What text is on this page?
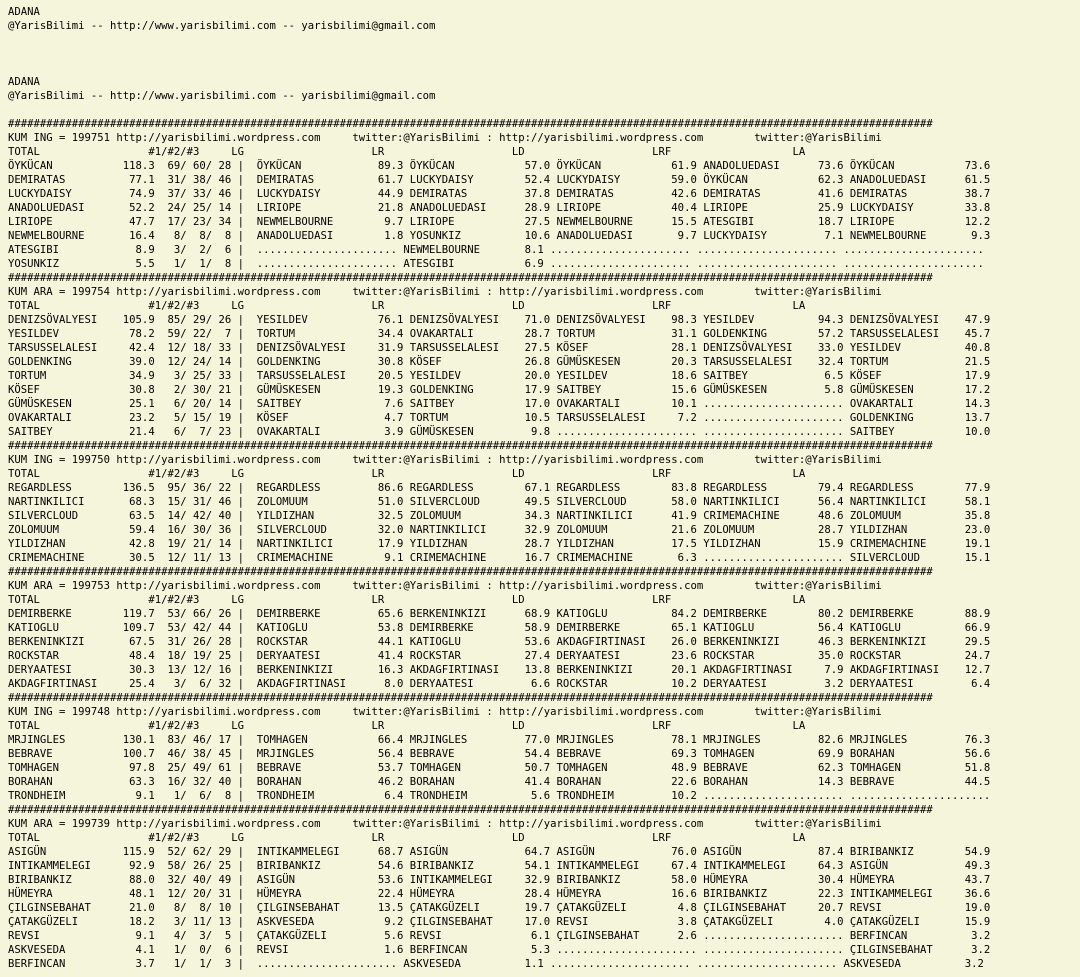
ADANA
@YarisBilimi -- http://www.yarisbilimi.com -- yarisbilimi@gmail.com
ADANA
@YarisBilimi -- http://www.yarisbilimi.com -- yarisbilimi@gmail.com
#################################################################################################################################################
KUM ING = 199751 http://yarisbilimi.wordpress.com     twitter:@YarisBilimi : http://yarisbilimi.wordpress.com        twitter:@YarisBilimi
TOTAL                 #1/#2/#3     LG                    LR                    LD                    LRF                   LA
ÖYKÜCAN           118.3  69/ 60/ 28 |  ÖYKÜCAN            89.3 ÖYKÜCAN           57.0 ÖYKÜCAN           61.9 ANADOLUEDASI      73.6 ÖYKÜCAN           73.6
DEMIRATAS          77.1  31/ 38/ 46 |  DEMIRATAS          61.7 LUCKYDAISY        52.4 LUCKYDAISY        59.0 ÖYKÜCAN           62.3 ANADOLUEDASI      61.5
LUCKYDAISY         74.9  37/ 33/ 46 |  LUCKYDAISY         44.9 DEMIRATAS         37.8 DEMIRATAS         42.6 DEMIRATAS         41.6 DEMIRATAS         38.7
ANADOLUEDASI       52.2  24/ 25/ 14 |  LIRIOPE            21.8 ANADOLUEDASI      28.9 LIRIOPE           40.4 LIRIOPE           25.9 LUCKYDAISY        33.8
LIRIOPE            47.7  17/ 23/ 34 |  NEWMELBOURNE        9.7 LIRIOPE           27.5 NEWMELBOURNE      15.5 ATESGIBI          18.7 LIRIOPE           12.2
NEWMELBOURNE       16.4   8/  8/  8 |  ANADOLUEDASI        1.8 YOSUNKIZ          10.6 ANADOLUEDASI       9.7 LUCKYDAISY         7.1 NEWMELBOURNE       9.3
ATESGIBI            8.9   3/  2/  6 |  ...................... NEWMELBOURNE       8.1 ...................... ...................... ......................
YOSUNKIZ            5.5   1/  1/  8 |  ...................... ATESGIBI           6.9 ...................... ...................... ......................
#################################################################################################################################################
KUM ARA = 199754 http://yarisbilimi.wordpress.com     twitter:@YarisBilimi : http://yarisbilimi.wordpress.com        twitter:@YarisBilimi
TOTAL                 #1/#2/#3     LG                    LR                    LD                    LRF                   LA
DENIZSÖVALYESI    105.9  85/ 29/ 26 |  YESILDEV           76.1 DENIZSÖVALYESI    71.0 DENIZSÖVALYESI    98.3 YESILDEV          94.3 DENIZSÖVALYESI    47.9
YESILDEV           78.2  59/ 22/  7 |  TORTUM             34.4 OVAKARTALI        28.7 TORTUM            31.1 GOLDENKING        57.2 TARSUSSELALESI    45.7
TARSUSSELALESI     42.4  12/ 18/ 33 |  DENIZSÖVALYESI     31.9 TARSUSSELALESI    27.5 KÖSEF             28.1 DENIZSÖVALYESI    33.0 YESILDEV          40.8
GOLDENKING         39.0  12/ 24/ 14 |  GOLDENKING         30.8 KÖSEF             26.8 GÜMÜSKESEN        20.3 TARSUSSELALESI    32.4 TORTUM            21.5
TORTUM             34.9   3/ 25/ 33 |  TARSUSSELALESI     20.5 YESILDEV          20.0 YESILDEV          18.6 SAITBEY            6.5 KÖSEF             17.9
KÖSEF              30.8   2/ 30/ 21 |  GÜMÜSKESEN         19.3 GOLDENKING        17.9 SAITBEY           15.6 GÜMÜSKESEN         5.8 GÜMÜSKESEN        17.2
GÜMÜSKESEN         25.1   6/ 20/ 14 |  SAITBEY             7.6 SAITBEY           17.0 OVAKARTALI        10.1 ...................... OVAKARTALI        14.3
OVAKARTALI         23.2   5/ 15/ 19 |  KÖSEF               4.7 TORTUM            10.5 TARSUSSELALESI     7.2 ...................... GOLDENKING        13.7
SAITBEY            21.4   6/  7/ 23 |  OVAKARTALI          3.9 GÜMÜSKESEN         9.8 ...................... ...................... SAITBEY           10.0
#################################################################################################################################################
KUM ING = 199750 http://yarisbilimi.wordpress.com     twitter:@YarisBilimi : http://yarisbilimi.wordpress.com        twitter:@YarisBilimi
TOTAL                 #1/#2/#3     LG                    LR                    LD                    LRF                   LA
REGARDLESS        136.5  95/ 36/ 22 |  REGARDLESS         86.6 REGARDLESS        67.1 REGARDLESS        83.8 REGARDLESS        79.4 REGARDLESS        77.9
NARTINKILICI       68.3  15/ 31/ 46 |  ZOLOMUUM           51.0 SILVERCLOUD       49.5 SILVERCLOUD       58.0 NARTINKILICI      56.4 NARTINKILICI      58.1
SILVERCLOUD        63.5  14/ 42/ 40 |  YILDIZHAN          32.5 ZOLOMUUM          34.3 NARTINKILICI      41.9 CRIMEMACHINE      48.6 ZOLOMUUM          35.8
ZOLOMUUM           59.4  16/ 30/ 36 |  SILVERCLOUD        32.0 NARTINKILICI      32.9 ZOLOMUUM          21.6 ZOLOMUUM          28.7 YILDIZHAN         23.0
YILDIZHAN          42.8  19/ 21/ 14 |  NARTINKILICI       17.9 YILDIZHAN         28.7 YILDIZHAN         17.5 YILDIZHAN         15.9 CRIMEMACHINE      19.1
CRIMEMACHINE       30.5  12/ 11/ 13 |  CRIMEMACHINE        9.1 CRIMEMACHINE      16.7 CRIMEMACHINE       6.3 ...................... SILVERCLOUD       15.1
#################################################################################################################################################
KUM ARA = 199753 http://yarisbilimi.wordpress.com     twitter:@YarisBilimi : http://yarisbilimi.wordpress.com        twitter:@YarisBilimi
TOTAL                 #1/#2/#3     LG                    LR                    LD                    LRF                   LA
DEMIRBERKE        119.7  53/ 66/ 26 |  DEMIRBERKE         65.6 BERKENINKIZI      68.9 KATIOGLU          84.2 DEMIRBERKE        80.2 DEMIRBERKE        88.9
KATIOGLU          109.7  53/ 42/ 44 |  KATIOGLU           53.8 DEMIRBERKE        58.9 DEMIRBERKE        65.1 KATIOGLU          56.4 KATIOGLU          66.9
BERKENINKIZI       67.5  31/ 26/ 28 |  ROCKSTAR           44.1 KATIOGLU          53.6 AKDAGFIRTINASI    26.0 BERKENINKIZI      46.3 BERKENINKIZI      29.5
ROCKSTAR           48.4  18/ 19/ 25 |  DERYAATESI         41.4 ROCKSTAR          27.4 DERYAATESI        23.6 ROCKSTAR          35.0 ROCKSTAR          24.7
DERYAATESI         30.3  13/ 12/ 16 |  BERKENINKIZI       16.3 AKDAGFIRTINASI    13.8 BERKENINKIZI      20.1 AKDAGFIRTINASI     7.9 AKDAGFIRTINASI    12.7
AKDAGFIRTINASI     25.4   3/  6/ 32 |  AKDAGFIRTINASI      8.0 DERYAATESI         6.6 ROCKSTAR          10.2 DERYAATESI         3.2 DERYAATESI         6.4
#################################################################################################################################################
KUM ING = 199748 http://yarisbilimi.wordpress.com     twitter:@YarisBilimi : http://yarisbilimi.wordpress.com        twitter:@YarisBilimi
TOTAL                 #1/#2/#3     LG                    LR                    LD                    LRF                   LA
MRJINGLES         130.1  83/ 46/ 17 |  TOMHAGEN           66.4 MRJINGLES         77.0 MRJINGLES         78.1 MRJINGLES         82.6 MRJINGLES         76.3
BEBRAVE           100.7  46/ 38/ 45 |  MRJINGLES          56.4 BEBRAVE           54.4 BEBRAVE           69.3 TOMHAGEN          69.9 BORAHAN           56.6
TOMHAGEN           97.8  25/ 49/ 61 |  BEBRAVE            53.7 TOMHAGEN          50.7 TOMHAGEN          48.9 BEBRAVE           62.3 TOMHAGEN          51.8
BORAHAN            63.3  16/ 32/ 40 |  BORAHAN            46.2 BORAHAN           41.4 BORAHAN           22.6 BORAHAN           14.3 BEBRAVE           44.5
TRONDHEIM           9.1   1/  6/  8 |  TRONDHEIM           6.4 TRONDHEIM          5.6 TRONDHEIM         10.2 ...................... ......................
#################################################################################################################################################
KUM ARA = 199739 http://yarisbilimi.wordpress.com     twitter:@YarisBilimi : http://yarisbilimi.wordpress.com        twitter:@YarisBilimi
TOTAL                 #1/#2/#3     LG                    LR                    LD                    LRF                   LA
ASIGÜN            115.9  52/ 62/ 29 |  INTIKAMMELEGI      68.7 ASIGÜN            64.7 ASIGÜN            76.0 ASIGÜN            87.4 BIRIBANKIZ        54.9
INTIKAMMELEGI      92.9  58/ 26/ 25 |  BIRIBANKIZ         54.6 BIRIBANKIZ        54.1 INTIKAMMELEGI     67.4 INTIKAMMELEGI     64.3 ASIGÜN            49.3
BIRIBANKIZ         88.0  32/ 40/ 49 |  ASIGÜN             53.6 INTIKAMMELEGI     32.9 BIRIBANKIZ        58.0 HÜMEYRA           30.4 HÜMEYRA           43.7
HÜMEYRA            48.1  12/ 20/ 31 |  HÜMEYRA            22.4 HÜMEYRA           28.4 HÜMEYRA           16.6 BIRIBANKIZ        22.3 INTIKAMMELEGI     36.6
ÇILGINSEBAHAT      21.0   8/  8/ 10 |  ÇILGINSEBAHAT      13.5 ÇATAKGÜZELI       19.7 ÇATAKGÜZELI        4.8 ÇILGINSEBAHAT     20.7 REVSI             19.0
ÇATAKGÜZELI        18.2   3/ 11/ 13 |  ASKVESEDA           9.2 ÇILGINSEBAHAT     17.0 REVSI              3.8 ÇATAKGÜZELI        4.0 ÇATAKGÜZELI       15.9
REVSI               9.1   4/  3/  5 |  ÇATAKGÜZELI         5.6 REVSI              6.1 ÇILGINSEBAHAT      2.6 ...................... BERFINCAN          3.2
ASKVESEDA           4.1   1/  0/  6 |  REVSI               1.6 BERFINCAN          5.3 ...................... ...................... ÇILGINSEBAHAT      3.2
BERFINCAN           3.7   1/  1/  3 |  ...................... ASKVESEDA          1.1 ...................... ...................... ASKVESEDA          3.2
